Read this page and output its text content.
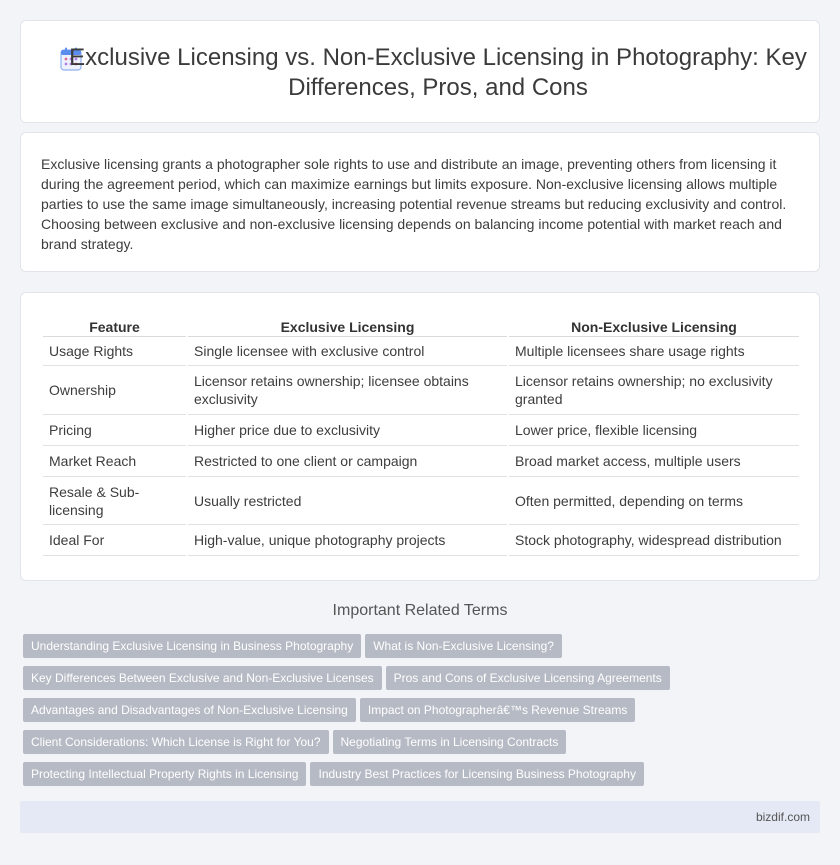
Exclusive Licensing vs. Non-Exclusive Licensing in Photography: Key Differences, Pros, and Cons

Exclusive licensing grants a photographer sole rights to use and distribute an image, preventing others from licensing it during the agreement period, which can maximize earnings but limits exposure. Non-exclusive licensing allows multiple parties to use the same image simultaneously, increasing potential revenue streams but reducing exclusivity and control. Choosing between exclusive and non-exclusive licensing depends on balancing income potential with market reach and brand strategy.

Feature	Exclusive Licensing	Non-Exclusive Licensing
Usage Rights	Single licensee with exclusive control	Multiple licensees share usage rights
Ownership	Licensor retains ownership; licensee obtains exclusivity	Licensor retains ownership; no exclusivity granted
Pricing	Higher price due to exclusivity	Lower price, flexible licensing
Market Reach	Restricted to one client or campaign	Broad market access, multiple users
Resale & Sub-licensing	Usually restricted	Often permitted, depending on terms
Ideal For	High-value, unique photography projects	Stock photography, widespread distribution
Important Related Terms
Understanding Exclusive Licensing in Business Photography What is Non-Exclusive Licensing?
Key Differences Between Exclusive and Non-Exclusive Licenses Pros and Cons of Exclusive Licensing Agreements
Advantages and Disadvantages of Non-Exclusive Licensing Impact on Photographerâ€™s Revenue Streams
Client Considerations: Which License is Right for You? Negotiating Terms in Licensing Contracts
Protecting Intellectual Property Rights in Licensing Industry Best Practices for Licensing Business Photography
bizdif.com
